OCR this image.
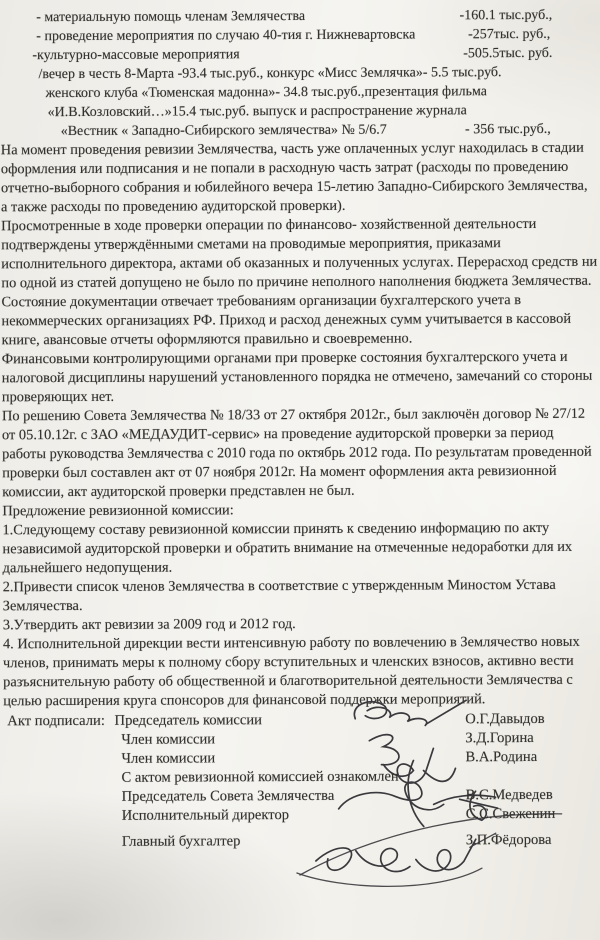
- материальную помощь членам Землячества	-160.1 тыс.руб.,
- проведение мероприятия по случаю 40-тия г. Нижневартовска	-257тыс. руб.,
-культурно-массовые мероприятия	-505.5тыс. руб.
/вечер в честь 8-Марта -93.4 тыс.руб., конкурс «Мисс Землячка»- 5.5 тыс.руб.
женского клуба «Тюменская мадонна»- 34.8 тыс.руб.,презентация фильма
«И.В.Козловский…»15.4 тыс.руб. выпуск и распространение журнала
«Вестник « Западно-Сибирского землячества» № 5/6.7	- 356 тыс.руб.,
На момент проведения ревизии Землячества, часть уже оплаченных услуг находилась в стадии оформления или подписания и не попали в расходную часть затрат (расходы по проведению отчетно-выборного собрания и юбилейного вечера 15-летию Западно-Сибирского Землячества, а также расходы по проведению аудиторской проверки).
Просмотренные в ходе проверки операции по финансово- хозяйственной деятельности подтверждены утверждёнными сметами на проводимые мероприятия, приказами исполнительного директора, актами об оказанных и полученных услугах. Перерасход средств ни по одной из статей допущено не было по причине неполного наполнения бюджета Землячества.
Состояние документации отвечает требованиям организации бухгалтерского учета в некоммерческих организациях РФ. Приход и расход денежных сумм учитывается в кассовой книге, авансовые отчеты оформляются правильно и своевременно.
Финансовыми контролирующими органами при проверке состояния бухгалтерского учета и налоговой дисциплины нарушений установленного порядка не отмечено, замечаний со стороны проверяющих нет.
По решению Совета Землячества № 18/33 от 27 октября 2012г., был заключён договор № 27/12 от 05.10.12г. с ЗАО «МЕДАУДИТ-сервис» на проведение аудиторской проверки за период работы руководства Землячества с 2010 года по октябрь 2012 года. По результатам проведенной проверки был составлен акт от 07 ноября 2012г. На момент оформления акта ревизионной комиссии, акт аудиторской проверки представлен не был.
Предложение ревизионной комиссии:
1.Следующему составу ревизионной комиссии принять к сведению информацию по акту независимой аудиторской проверки и обратить внимание на отмеченные недоработки для их дальнейшего недопущения.
2.Привести список членов Землячества в соответствие с утвержденным Миностом Устава Землячества.
3.Утвердить акт ревизии за 2009 год и 2012 год.
4. Исполнительной дирекции вести интенсивную работу по вовлечению в Землячество новых членов, принимать меры к полному сбору вступительных и членских взносов, активно вести разъяснительную работу об общественной и благотворительной деятельности Землячества с целью расширения круга спонсоров для финансовой поддержки мероприятий.
Акт подписали: Председатель комиссии	О.Г.Давыдов
Член комиссии	З.Д.Горина
Член комиссии	В.А.Родина
С актом ревизионной комиссией ознакомлен
Председатель Совета Землячества	В.С.Медведев
Исполнительный директор	С.С.Свеженин
Главный бухгалтер	З.П.Фёдорова
